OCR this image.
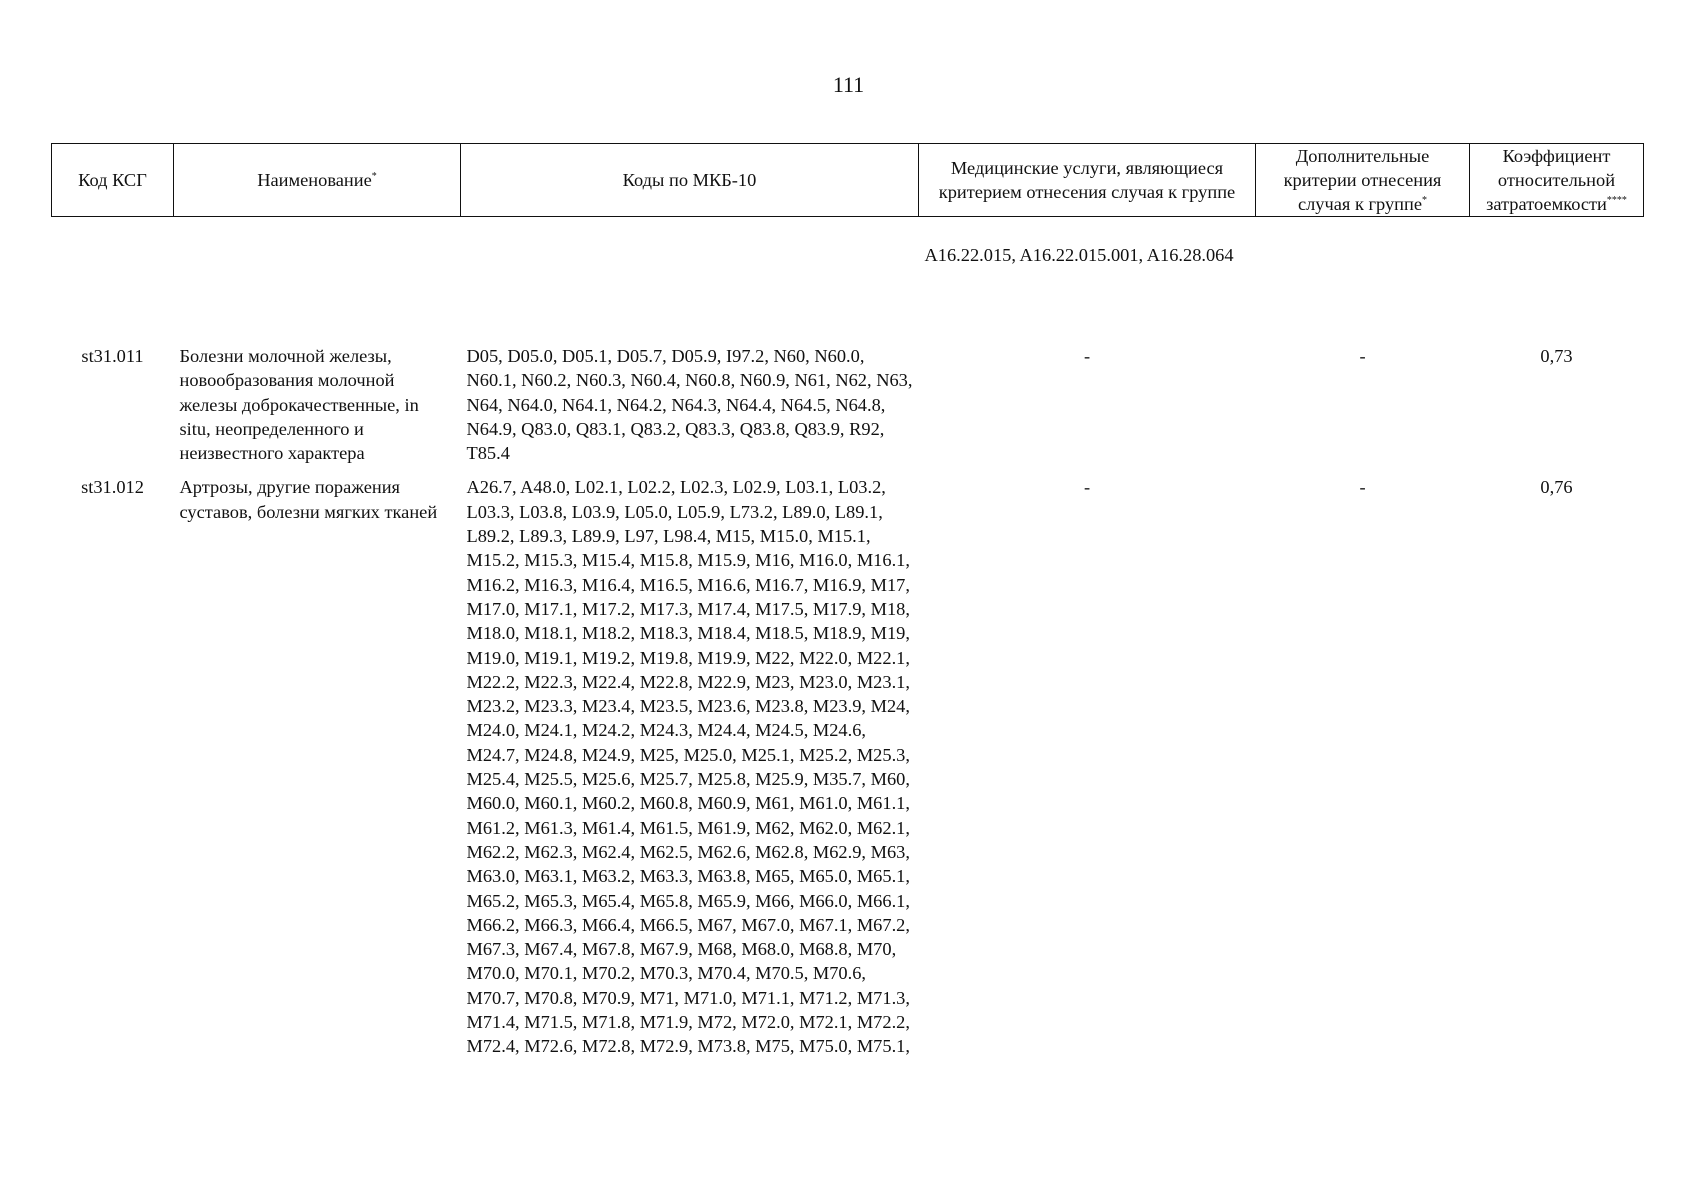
111
Код КСГ	Наименование*	Коды по МКБ-10	Медицинские услуги, являющиеся критерием отнесения случая к группе	Дополнительные критерии отнесения случая к группе*	Коэффициент относительной затратоемкости****
			A16.22.015, A16.22.015.001, A16.28.064		
st31.011	Болезни молочной железы, новообразования молочной железы доброкачественные, in situ, неопределенного и неизвестного характера	D05, D05.0, D05.1, D05.7, D05.9, I97.2, N60, N60.0, N60.1, N60.2, N60.3, N60.4, N60.8, N60.9, N61, N62, N63, N64, N64.0, N64.1, N64.2, N64.3, N64.4, N64.5, N64.8, N64.9, Q83.0, Q83.1, Q83.2, Q83.3, Q83.8, Q83.9, R92, T85.4	-	-	0,73
st31.012	Артрозы, другие поражения суставов, болезни мягких тканей	A26.7, A48.0, L02.1, L02.2, L02.3, L02.9, L03.1, L03.2, L03.3, L03.8, L03.9, L05.0, L05.9, L73.2, L89.0, L89.1, L89.2, L89.3, L89.9, L97, L98.4, M15, M15.0, M15.1, M15.2, M15.3, M15.4, M15.8, M15.9, M16, M16.0, M16.1, M16.2, M16.3, M16.4, M16.5, M16.6, M16.7, M16.9, M17, M17.0, M17.1, M17.2, M17.3, M17.4, M17.5, M17.9, M18, M18.0, M18.1, M18.2, M18.3, M18.4, M18.5, M18.9, M19, M19.0, M19.1, M19.2, M19.8, M19.9, M22, M22.0, M22.1, M22.2, M22.3, M22.4, M22.8, M22.9, M23, M23.0, M23.1, M23.2, M23.3, M23.4, M23.5, M23.6, M23.8, M23.9, M24, M24.0, M24.1, M24.2, M24.3, M24.4, M24.5, M24.6, M24.7, M24.8, M24.9, M25, M25.0, M25.1, M25.2, M25.3, M25.4, M25.5, M25.6, M25.7, M25.8, M25.9, M35.7, M60, M60.0, M60.1, M60.2, M60.8, M60.9, M61, M61.0, M61.1, M61.2, M61.3, M61.4, M61.5, M61.9, M62, M62.0, M62.1, M62.2, M62.3, M62.4, M62.5, M62.6, M62.8, M62.9, M63, M63.0, M63.1, M63.2, M63.3, M63.8, M65, M65.0, M65.1, M65.2, M65.3, M65.4, M65.8, M65.9, M66, M66.0, M66.1, M66.2, M66.3, M66.4, M66.5, M67, M67.0, M67.1, M67.2, M67.3, M67.4, M67.8, M67.9, M68, M68.0, M68.8, M70, M70.0, M70.1, M70.2, M70.3, M70.4, M70.5, M70.6, M70.7, M70.8, M70.9, M71, M71.0, M71.1, M71.2, M71.3, M71.4, M71.5, M71.8, M71.9, M72, M72.0, M72.1, M72.2, M72.4, M72.6, M72.8, M72.9, M73.8, M75, M75.0, M75.1,	-	-	0,76
